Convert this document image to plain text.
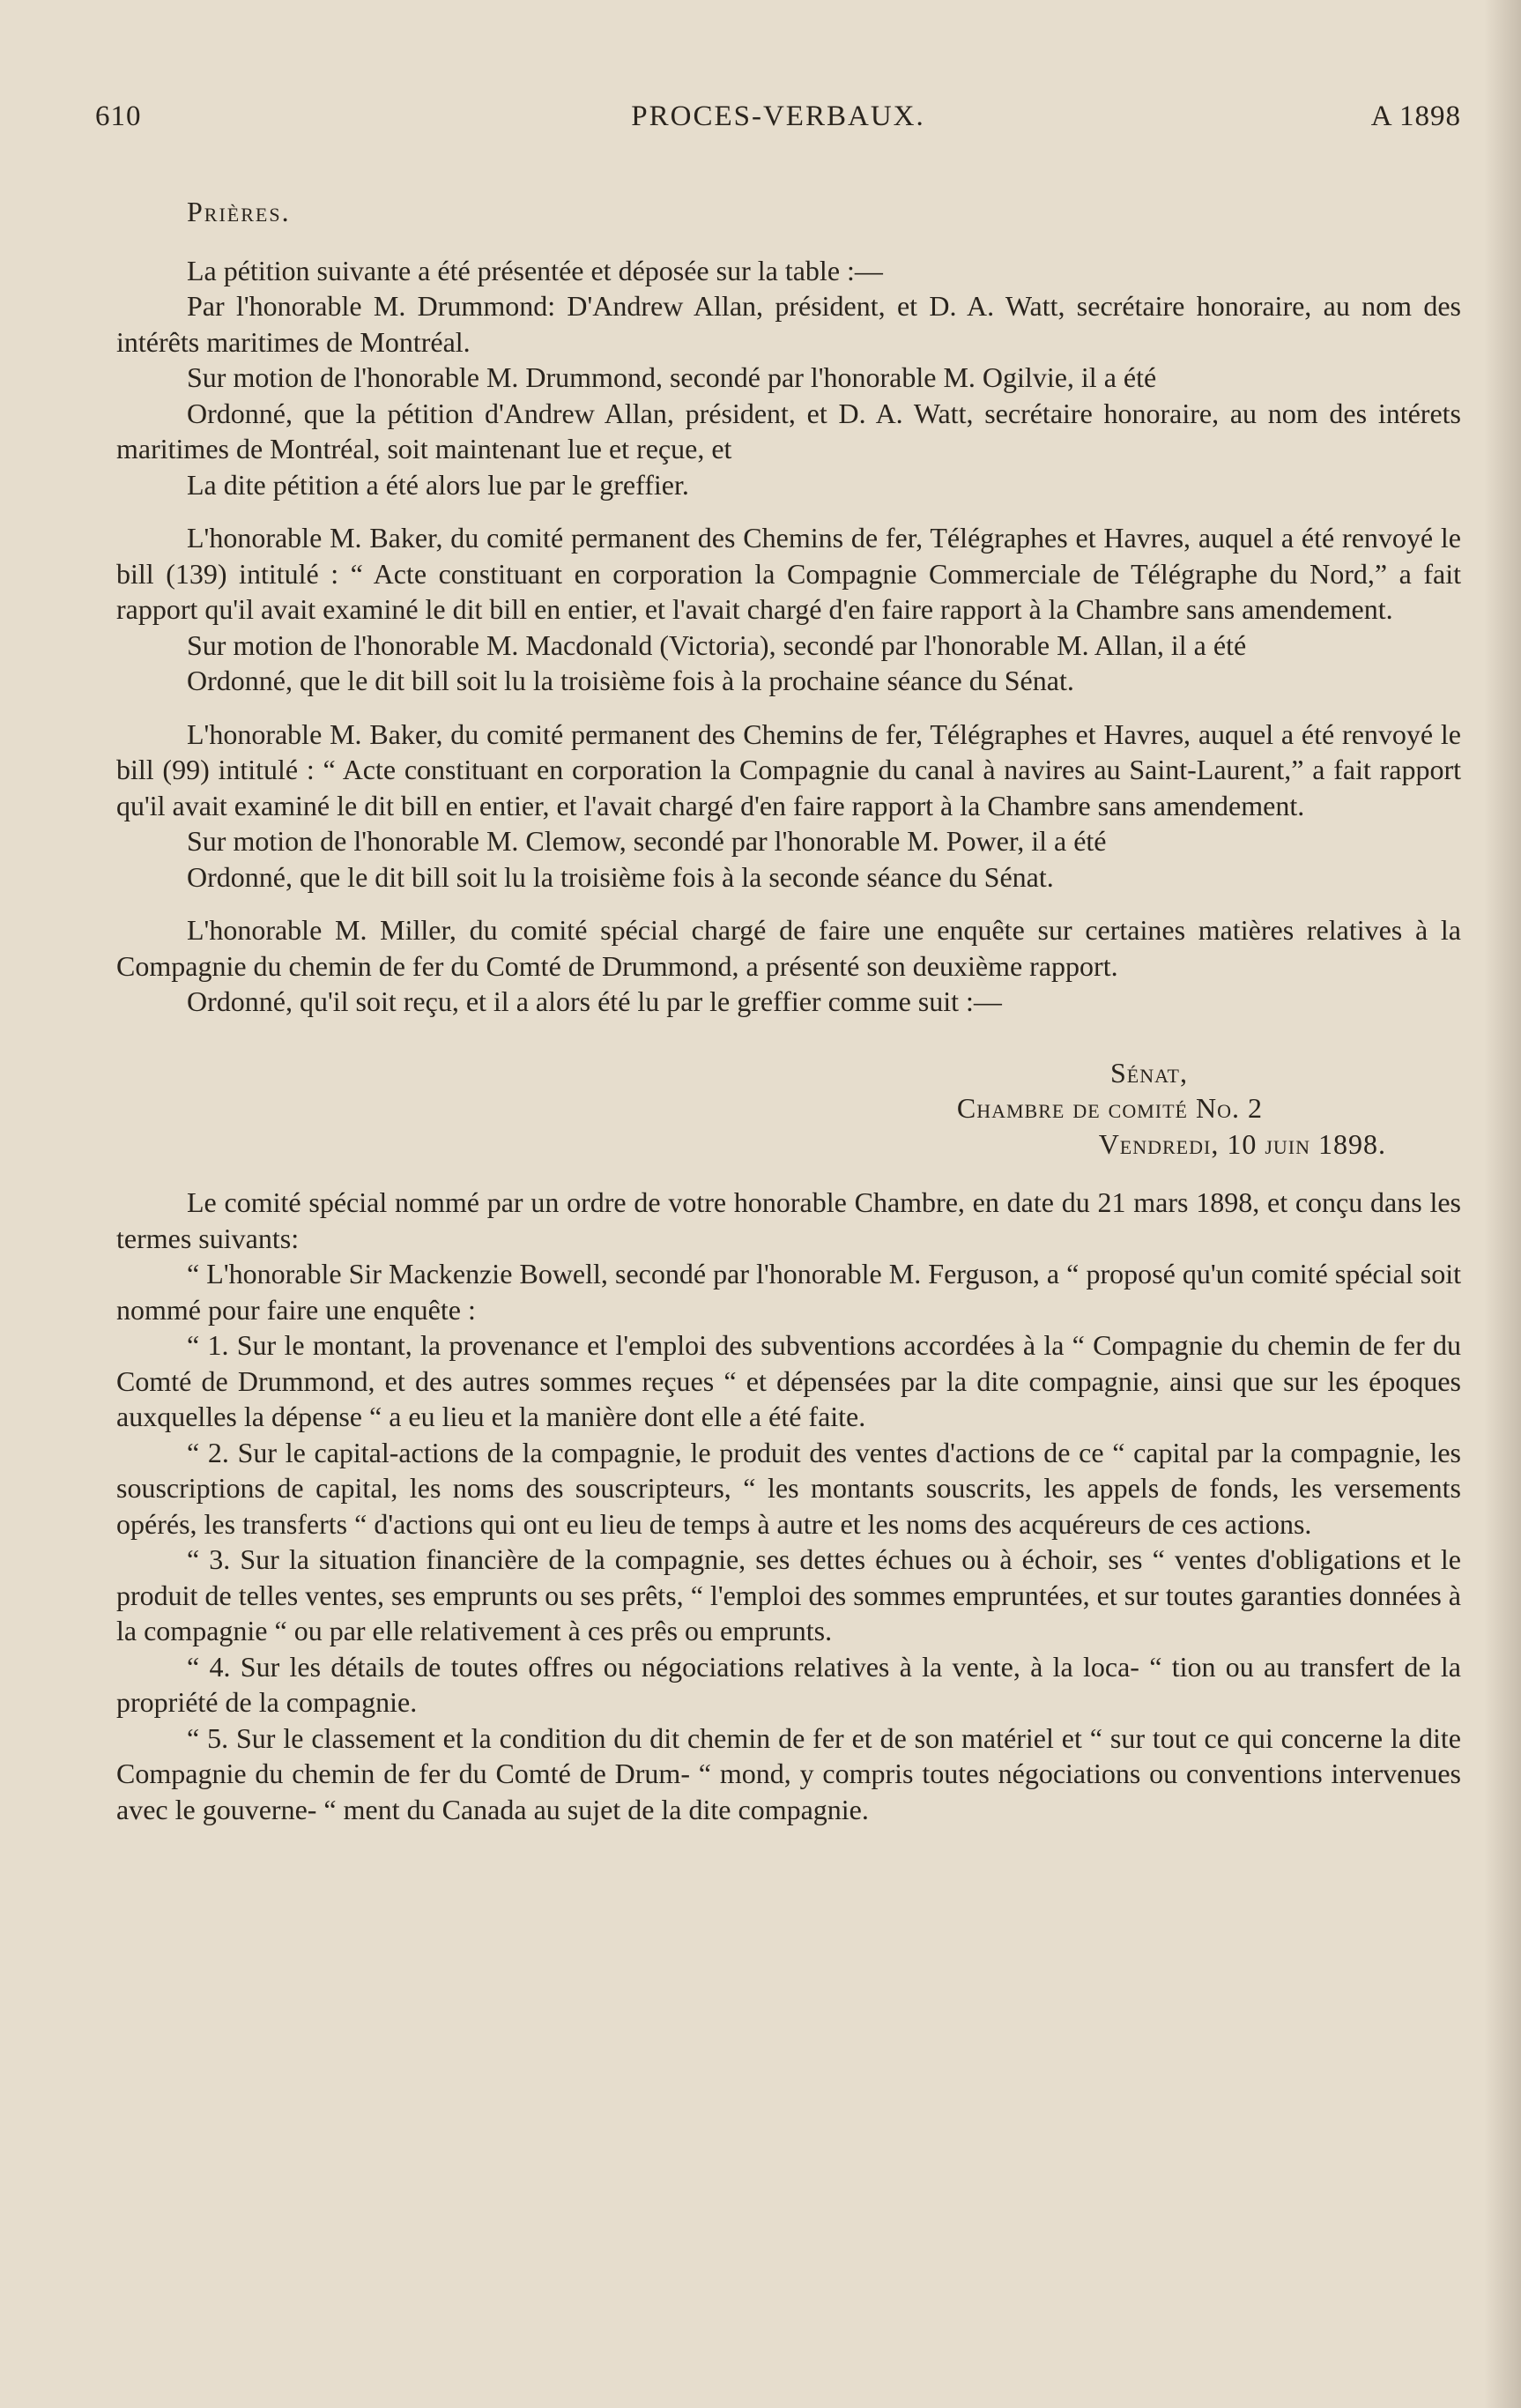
610	PROCES-VERBAUX.	A 1898

Prières.

La pétition suivante a été présentée et déposée sur la table :—

Par l'honorable M. Drummond: D'Andrew Allan, président, et D. A. Watt, secrétaire honoraire, au nom des intérêts maritimes de Montréal.

Sur motion de l'honorable M. Drummond, secondé par l'honorable M. Ogilvie, il a été

Ordonné, que la pétition d'Andrew Allan, président, et D. A. Watt, secrétaire honoraire, au nom des intérets maritimes de Montréal, soit maintenant lue et reçue, et

La dite pétition a été alors lue par le greffier.

L'honorable M. Baker, du comité permanent des Chemins de fer, Télégraphes et Havres, auquel a été renvoyé le bill (139) intitulé : “ Acte constituant en corporation la Compagnie Commerciale de Télégraphe du Nord,” a fait rapport qu'il avait examiné le dit bill en entier, et l'avait chargé d'en faire rapport à la Chambre sans amendement.

Sur motion de l'honorable M. Macdonald (Victoria), secondé par l'honorable M. Allan, il a été

Ordonné, que le dit bill soit lu la troisième fois à la prochaine séance du Sénat.

L'honorable M. Baker, du comité permanent des Chemins de fer, Télégraphes et Havres, auquel a été renvoyé le bill (99) intitulé : “ Acte constituant en corporation la Compagnie du canal à navires au Saint-Laurent,” a fait rapport qu'il avait examiné le dit bill en entier, et l'avait chargé d'en faire rapport à la Chambre sans amendement.

Sur motion de l'honorable M. Clemow, secondé par l'honorable M. Power, il a été

Ordonné, que le dit bill soit lu la troisième fois à la seconde séance du Sénat.

L'honorable M. Miller, du comité spécial chargé de faire une enquête sur certaines matières relatives à la Compagnie du chemin de fer du Comté de Drummond, a présenté son deuxième rapport.

Ordonné, qu'il soit reçu, et il a alors été lu par le greffier comme suit :—

Sénat,

Chambre de comité No. 2

Vendredi, 10 juin 1898.

Le comité spécial nommé par un ordre de votre honorable Chambre, en date du 21 mars 1898, et conçu dans les termes suivants:

“ L'honorable Sir Mackenzie Bowell, secondé par l'honorable M. Ferguson, a “ proposé qu'un comité spécial soit nommé pour faire une enquête :

“ 1. Sur le montant, la provenance et l'emploi des subventions accordées à la “ Compagnie du chemin de fer du Comté de Drummond, et des autres sommes reçues “ et dépensées par la dite compagnie, ainsi que sur les époques auxquelles la dépense “ a eu lieu et la manière dont elle a été faite.

“ 2. Sur le capital-actions de la compagnie, le produit des ventes d'actions de ce “ capital par la compagnie, les souscriptions de capital, les noms des souscripteurs, “ les montants souscrits, les appels de fonds, les versements opérés, les transferts “ d'actions qui ont eu lieu de temps à autre et les noms des acquéreurs de ces actions.

“ 3. Sur la situation financière de la compagnie, ses dettes échues ou à échoir, ses “ ventes d'obligations et le produit de telles ventes, ses emprunts ou ses prêts, “ l'emploi des sommes empruntées, et sur toutes garanties données à la compagnie “ ou par elle relativement à ces prês ou emprunts.

“ 4. Sur les détails de toutes offres ou négociations relatives à la vente, à la loca- “ tion ou au transfert de la propriété de la compagnie.

“ 5. Sur le classement et la condition du dit chemin de fer et de son matériel et “ sur tout ce qui concerne la dite Compagnie du chemin de fer du Comté de Drum- “ mond, y compris toutes négociations ou conventions intervenues avec le gouverne- “ ment du Canada au sujet de la dite compagnie.
